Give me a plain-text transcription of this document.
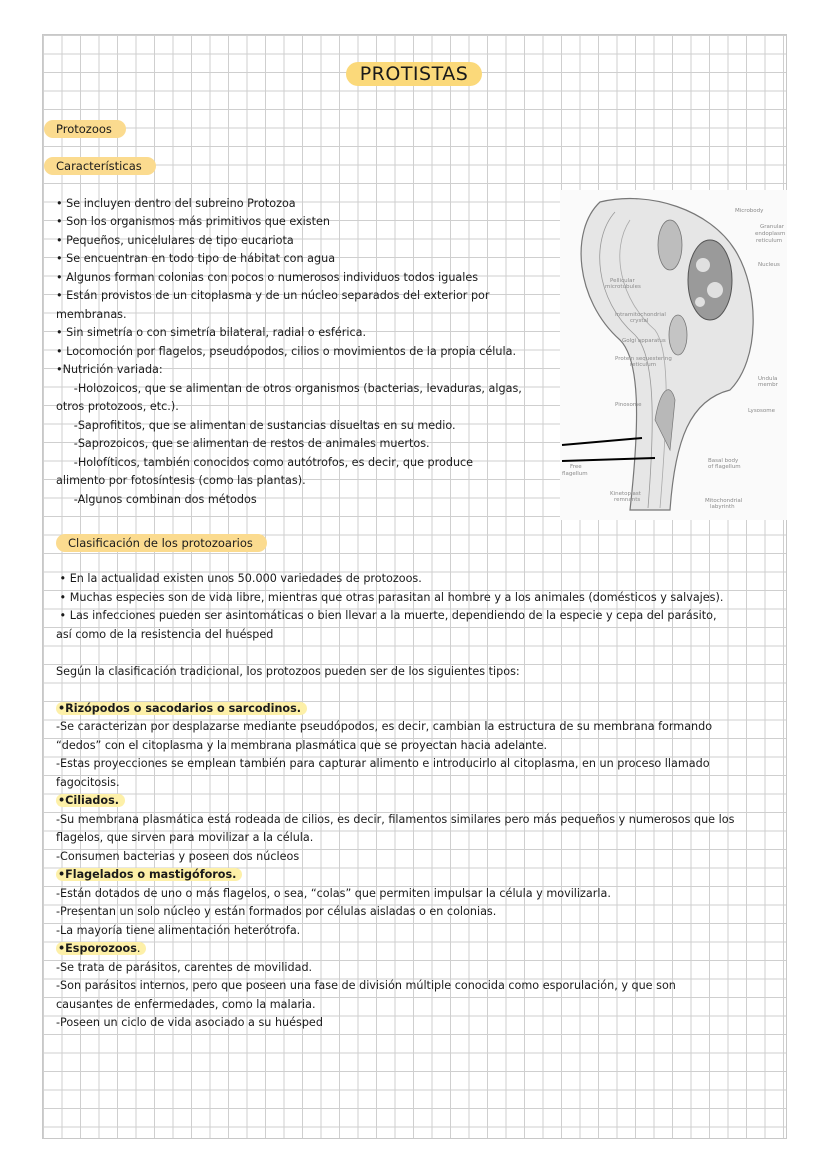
PROTISTAS
Protozoos
Características
• Se incluyen dentro del subreino Protozoa
• Son los organismos más primitivos que existen
• Pequeños, unicelulares de tipo eucariota
• Se encuentran en todo tipo de hábitat con agua
• Algunos forman colonias con pocos o numerosos individuos todos iguales
• Están provistos de un citoplasma y de un núcleo separados del exterior por
membranas.
• Sin simetría o con simetría bilateral, radial o esférica.
• Locomoción por flagelos, pseudópodos, cilios o movimientos de la propia célula.
•Nutrición variada:
-Holozoicos, que se alimentan de otros organismos (bacterias, levaduras, algas,
otros protozoos, etc.).
-Saprofititos, que se alimentan de sustancias disueltas en su medio.
-Saprozoicos, que se alimentan de restos de animales muertos.
-Holofíticos, también conocidos como autótrofos, es decir, que produce
alimento por fotosíntesis (como las plantas).
-Algunos combinan dos métodos
Microbody
Granular
endoplasm
reticulum
Nucleus
Pellicular
microtubules
Intramitochondrial
crystal
Golgi apparatus
Protein sequestering
reticulum
Pinosome
Undula
membr
Lysosome
Free
flagellum
Basal body
of flagellum
Kinetoplast
remnants	Mitochondrial
labyrinth
Clasificación de los protozoarios
• En la actualidad existen unos 50.000 variedades de protozoos.
• Muchas especies son de vida libre, mientras que otras parasitan al hombre y a los animales (domésticos y salvajes).
• Las infecciones pueden ser asintomáticas o bien llevar a la muerte, dependiendo de la especie y cepa del parásito,
así como de la resistencia del huésped
Según la clasificación tradicional, los protozoos pueden ser de los siguientes tipos:
•Rizópodos o sacodarios o sarcodinos.
-Se caracterizan por desplazarse mediante pseudópodos, es decir, cambian la estructura de su membrana formando
“dedos” con el citoplasma y la membrana plasmática que se proyectan hacia adelante.
-Estas proyecciones se emplean también para capturar alimento e introducirlo al citoplasma, en un proceso llamado
fagocitosis.
•Ciliados.
-Su membrana plasmática está rodeada de cilios, es decir, filamentos similares pero más pequeños y numerosos que los
flagelos, que sirven para movilizar a la célula.
-Consumen bacterias y poseen dos núcleos
•Flagelados o mastigóforos.
-Están dotados de uno o más flagelos, o sea, “colas” que permiten impulsar la célula y movilizarla.
-Presentan un solo núcleo y están formados por células aisladas o en colonias.
-La mayoría tiene alimentación heterótrofa.
•Esporozoos.
-Se trata de parásitos, carentes de movilidad.
-Son parásitos internos, pero que poseen una fase de división múltiple conocida como esporulación, y que son
causantes de enfermedades, como la malaria.
-Poseen un ciclo de vida asociado a su huésped
